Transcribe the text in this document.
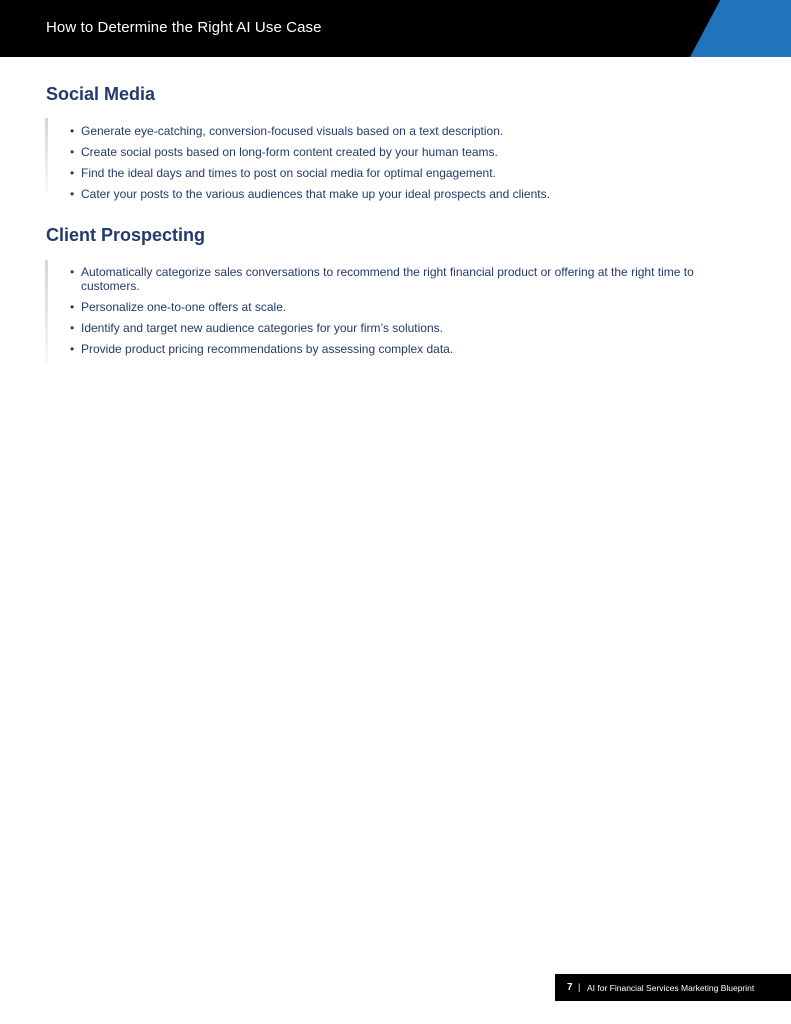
How to Determine the Right AI Use Case
Social Media
• Generate eye-catching, conversion-focused visuals based on a text description.
• Create social posts based on long-form content created by your human teams.
• Find the ideal days and times to post on social media for optimal engagement.
• Cater your posts to the various audiences that make up your ideal prospects and clients.
Client Prospecting
• Automatically categorize sales conversations to recommend the right financial product or offering at the right time to customers.
• Personalize one-to-one offers at scale.
• Identify and target new audience categories for your firm’s solutions.
• Provide product pricing recommendations by assessing complex data.
7 | AI for Financial Services Marketing Blueprint
